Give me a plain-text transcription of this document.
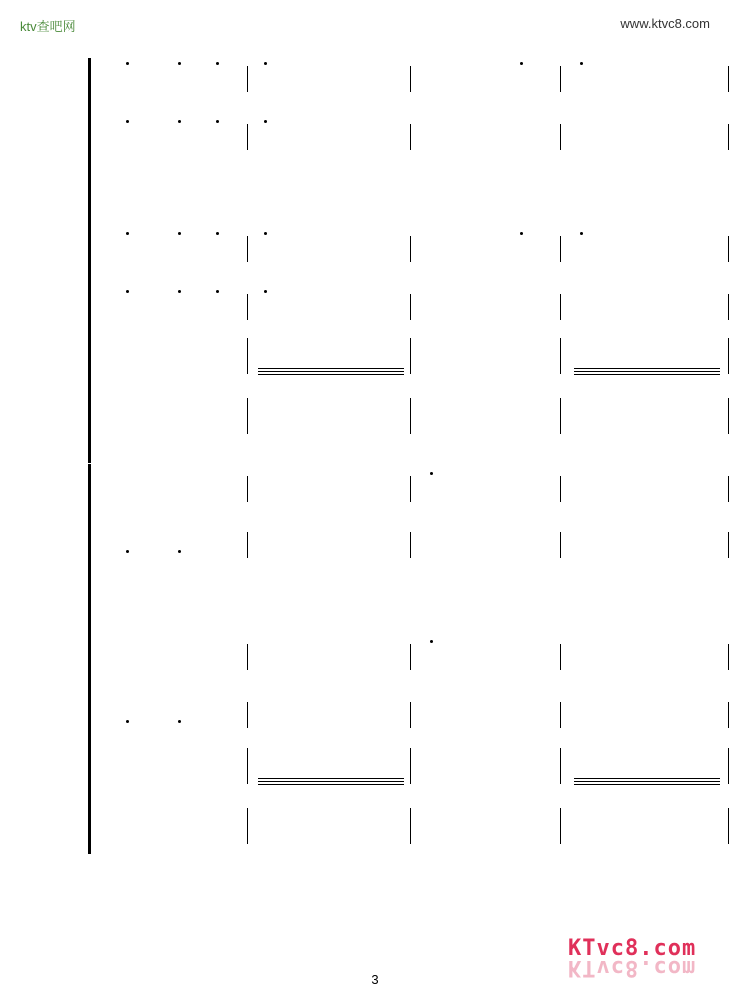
ktv查吧网	www.ktvc8.com
3
KTvc8.com
KTvc8.com
